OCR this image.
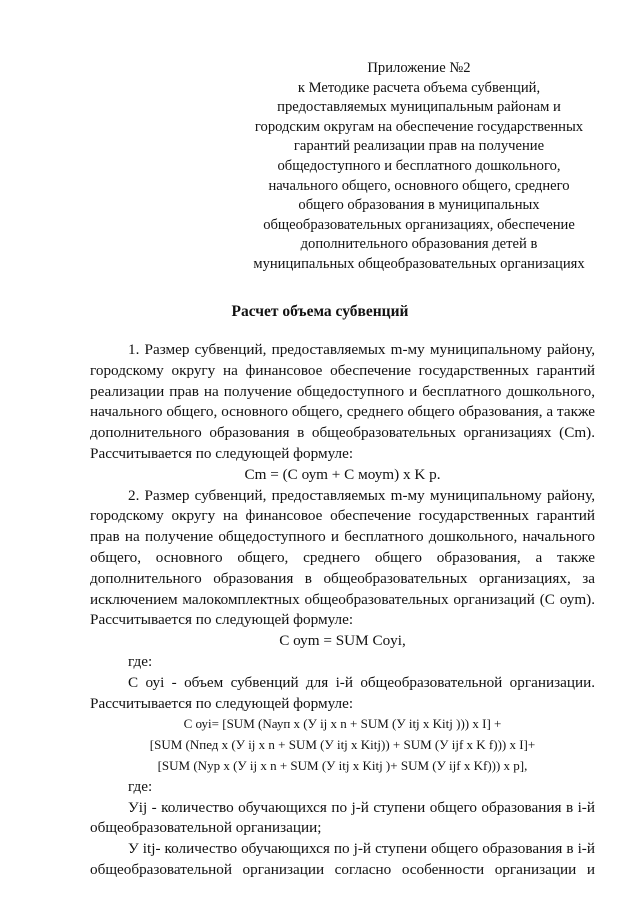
Приложение №2
к Методике расчета объема субвенций,
предоставляемых муниципальным районам и
городским округам на обеспечение государственных
гарантий реализации прав на получение
общедоступного и бесплатного дошкольного,
начального общего, основного общего, среднего
общего образования в муниципальных
общеобразовательных организациях, обеспечение
дополнительного образования детей в
муниципальных общеобразовательных организациях
Расчет объема субвенций
1. Размер субвенций, предоставляемых m-му муниципальному району,
городскому округу на финансовое обеспечение государственных гарантий
реализации прав на получение общедоступного и бесплатного дошкольного,
начального общего, основного общего, среднего общего образования, а также
дополнительного образования в общеобразовательных организациях (Cm).
Рассчитывается по следующей формуле:
Cm = (C оуm + C моуm) x K p.
2. Размер субвенций, предоставляемых m-му муниципальному району,
городскому округу на финансовое обеспечение государственных гарантий
прав на получение общедоступного и бесплатного дошкольного, начального
общего, основного общего, среднего общего образования, а также
дополнительного образования в общеобразовательных организациях, за
исключением малокомплектных общеобразовательных организаций (C оуm).
Рассчитывается по следующей формуле:
C оуm = SUM Coyi,
где:
C оуi - объем субвенций для i-й общеобразовательной организации.
Рассчитывается по следующей формуле:
C оуi= [SUM (Nауп x (У ij x n + SUM (У itj x Kitj ))) x I] +
[SUM (Nпед x (У ij x n + SUM (У itj x Kitj)) + SUM (У ijf x K f))) x I]+
[SUM (Nур x (У ij x n + SUM (У itj x Kitj )+ SUM (У ijf x Kf))) x p],
где:
Уij - количество обучающихся по j-й ступени общего образования в i-й
общеобразовательной организации;
У itj- количество обучающихся по j-й ступени общего образования в i-й
общеобразовательной организации согласно особенности организации и
